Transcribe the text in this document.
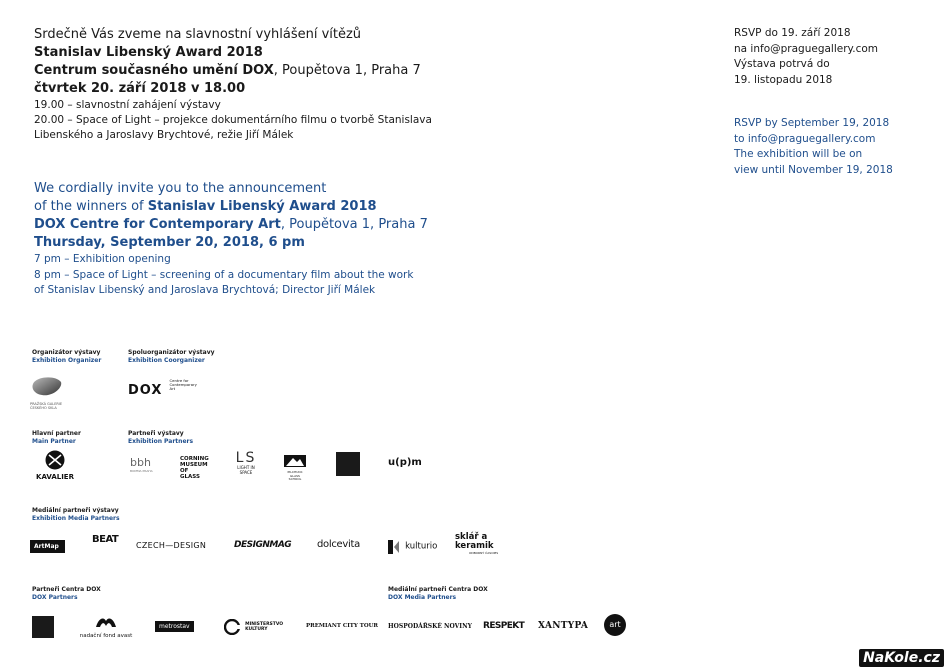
Srdečně Vás zveme na slavnostní vyhlášení vítězů
Stanislav Libenský Award 2018
Centrum současného umění DOX, Poupětova 1, Praha 7
čtvrtek 20. září 2018 v 18.00
19.00 – slavnostní zahájení výstavy
20.00 – Space of Light – projekce dokumentárního filmu o tvorbě Stanislava
Libenského a Jaroslavy Brychtové, režie Jiří Málek
We cordially invite you to the announcement
of the winners of Stanislav Libenský Award 2018
DOX Centre for Contemporary Art, Poupětova 1, Praha 7
Thursday, September 20, 2018, 6 pm
7 pm – Exhibition opening
8 pm – Space of Light – screening of a documentary film about the work
of Stanislav Libenský and Jaroslava Brychtová; Director Jiří Málek
RSVP do 19. září 2018
na info@praguegallery.com
Výstava potrvá do
19. listopadu 2018
RSVP by September 19, 2018
to info@praguegallery.com
The exhibition will be on
view until November 19, 2018
Organizátor výstavy
Exhibition Organizer
Spoluorganizátor výstavy
Exhibition Coorganizer
Hlavní partner
Main Partner
Partneři výstavy
Exhibition Partners
Mediální partneři výstavy
Exhibition Media Partners
Partneři Centra DOX
DOX Partners
Mediální partneři Centra DOX
DOX Media Partners
PRAŽSKÁ GALERIE ČESKÉHO SKLA
DOX Centre for Contemporary Art
KAVALIER
bbh
BOMMA PRAHA
CORNING MUSEUM OF GLASS
LS
LIGHT IN SPACE	PILCHUCK GLASS SCHOOL
u(p)m
ArtMap
BEAT
CZECH—DESIGN	DESIGNMAG	dolcevita	kulturio
sklář a keramik
ODBORNÝ ČASOPIS
nadační fond avast
metrostav	MINISTERSTVO KULTURY	PREMIANT CITY TOUR HOSPODÁŘSKÉ NOVINY RESPEKT XANTYPA	art
NaKole.cz
